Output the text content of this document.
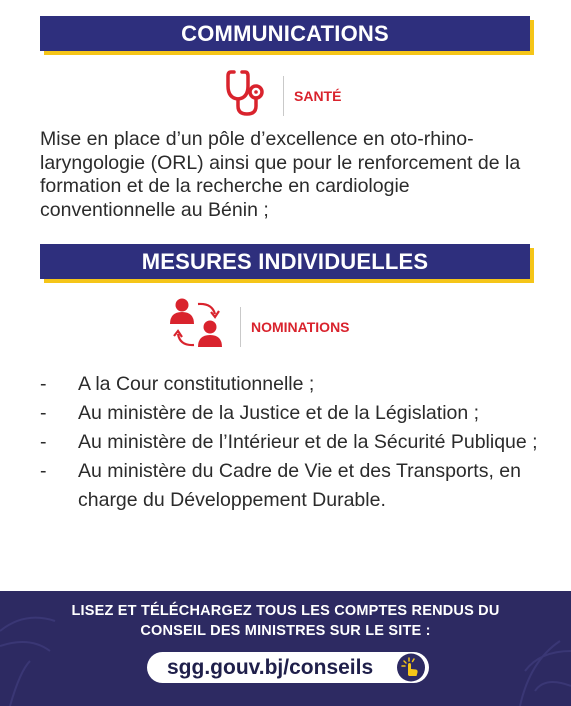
COMMUNICATIONS
SANTÉ
Mise en place d’un pôle d’excellence en oto-rhino-laryngologie (ORL) ainsi que pour le renforcement de la formation et de la recherche en cardiologie conventionnelle au Bénin ;
MESURES INDIVIDUELLES
NOMINATIONS
-	A la Cour constitutionnelle ;
-	Au ministère de la Justice et de la Législation ;
-	Au ministère de l’Intérieur et de la Sécurité Publique ;
-	Au ministère du Cadre de Vie et des Transports, en charge du Développement Durable.
LISEZ ET TÉLÉCHARGEZ TOUS LES COMPTES RENDUS DU
CONSEIL DES MINISTRES SUR LE SITE :
sgg.gouv.bj/conseils
